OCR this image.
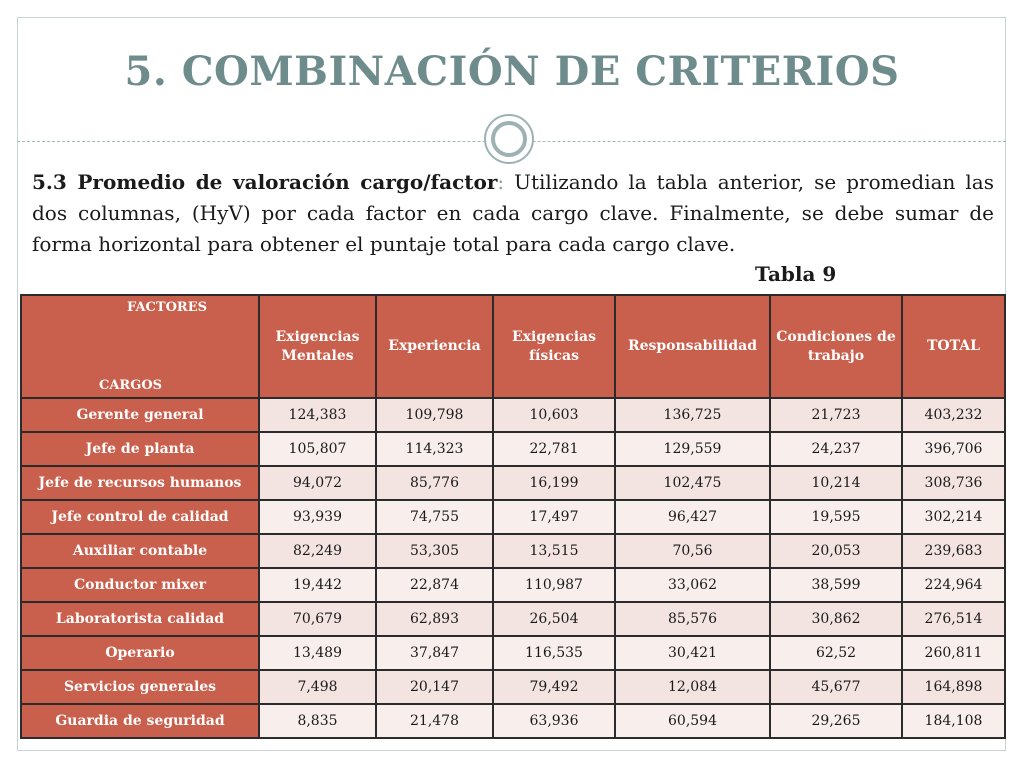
5. COMBINACIÓN DE CRITERIOS
5.3 Promedio de valoración cargo/factor: Utilizando la tabla anterior, se promedian las dos columnas, (HyV) por cada factor en cada cargo clave. Finalmente, se debe sumar de forma horizontal para obtener el puntaje total para cada cargo clave.
Tabla 9
FACTORES
CARGOS	Exigencias Mentales	Experiencia	Exigencias físicas	Responsabilidad	Condiciones de trabajo	TOTAL
Gerente general	124,383	109,798	10,603	136,725	21,723	403,232
Jefe de planta	105,807	114,323	22,781	129,559	24,237	396,706
Jefe de recursos humanos	94,072	85,776	16,199	102,475	10,214	308,736
Jefe control de calidad	93,939	74,755	17,497	96,427	19,595	302,214
Auxiliar contable	82,249	53,305	13,515	70,56	20,053	239,683
Conductor mixer	19,442	22,874	110,987	33,062	38,599	224,964
Laboratorista calidad	70,679	62,893	26,504	85,576	30,862	276,514
Operario	13,489	37,847	116,535	30,421	62,52	260,811
Servicios generales	7,498	20,147	79,492	12,084	45,677	164,898
Guardia de seguridad	8,835	21,478	63,936	60,594	29,265	184,108
